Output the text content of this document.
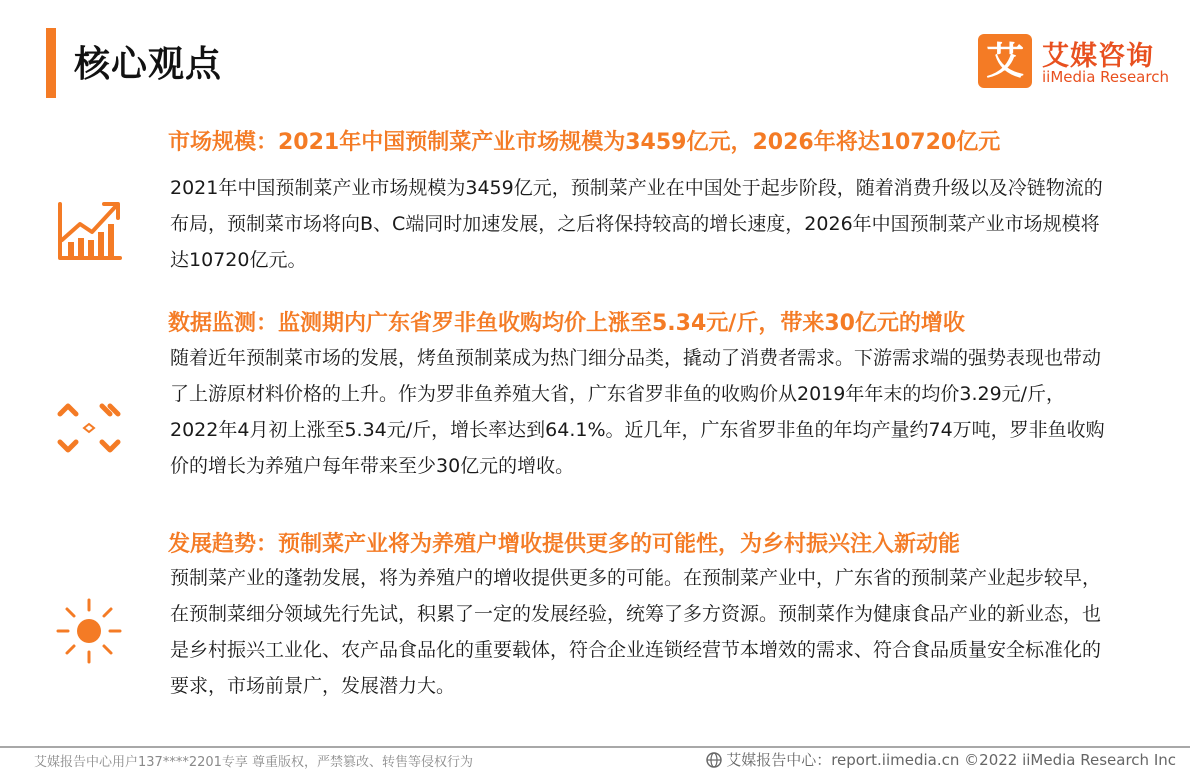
核心观点	艾 艾媒咨询
iiMedia Research
市场规模：2021年中国预制菜产业市场规模为3459亿元，2026年将达10720亿元
2021年中国预制菜产业市场规模为3459亿元，预制菜产业在中国处于起步阶段，随着消费升级以及冷链物流的布局，预制菜市场将向B、C端同时加速发展，之后将保持较高的增长速度，2026年中国预制菜产业市场规模将达10720亿元。
数据监测：监测期内广东省罗非鱼收购均价上涨至5.34元/斤，带来30亿元的增收
随着近年预制菜市场的发展，烤鱼预制菜成为热门细分品类，撬动了消费者需求。下游需求端的强势表现也带动了上游原材料价格的上升。作为罗非鱼养殖大省，广东省罗非鱼的收购价从2019年年末的均价3.29元/斤，2022年4月初上涨至5.34元/斤，增长率达到64.1%。近几年，广东省罗非鱼的年均产量约74万吨，罗非鱼收购价的增长为养殖户每年带来至少30亿元的增收。
发展趋势：预制菜产业将为养殖户增收提供更多的可能性，为乡村振兴注入新动能
预制菜产业的蓬勃发展，将为养殖户的增收提供更多的可能。在预制菜产业中，广东省的预制菜产业起步较早，在预制菜细分领域先行先试，积累了一定的发展经验，统筹了多方资源。预制菜作为健康食品产业的新业态，也是乡村振兴工业化、农产品食品化的重要载体，符合企业连锁经营节本增效的需求、符合食品质量安全标准化的要求，市场前景广，发展潜力大。
艾媒报告中心用户137****2201专享 尊重版权，严禁篡改、转售等侵权行为	艾媒报告中心：report.iimedia.cn ©2022 iiMedia Research Inc
